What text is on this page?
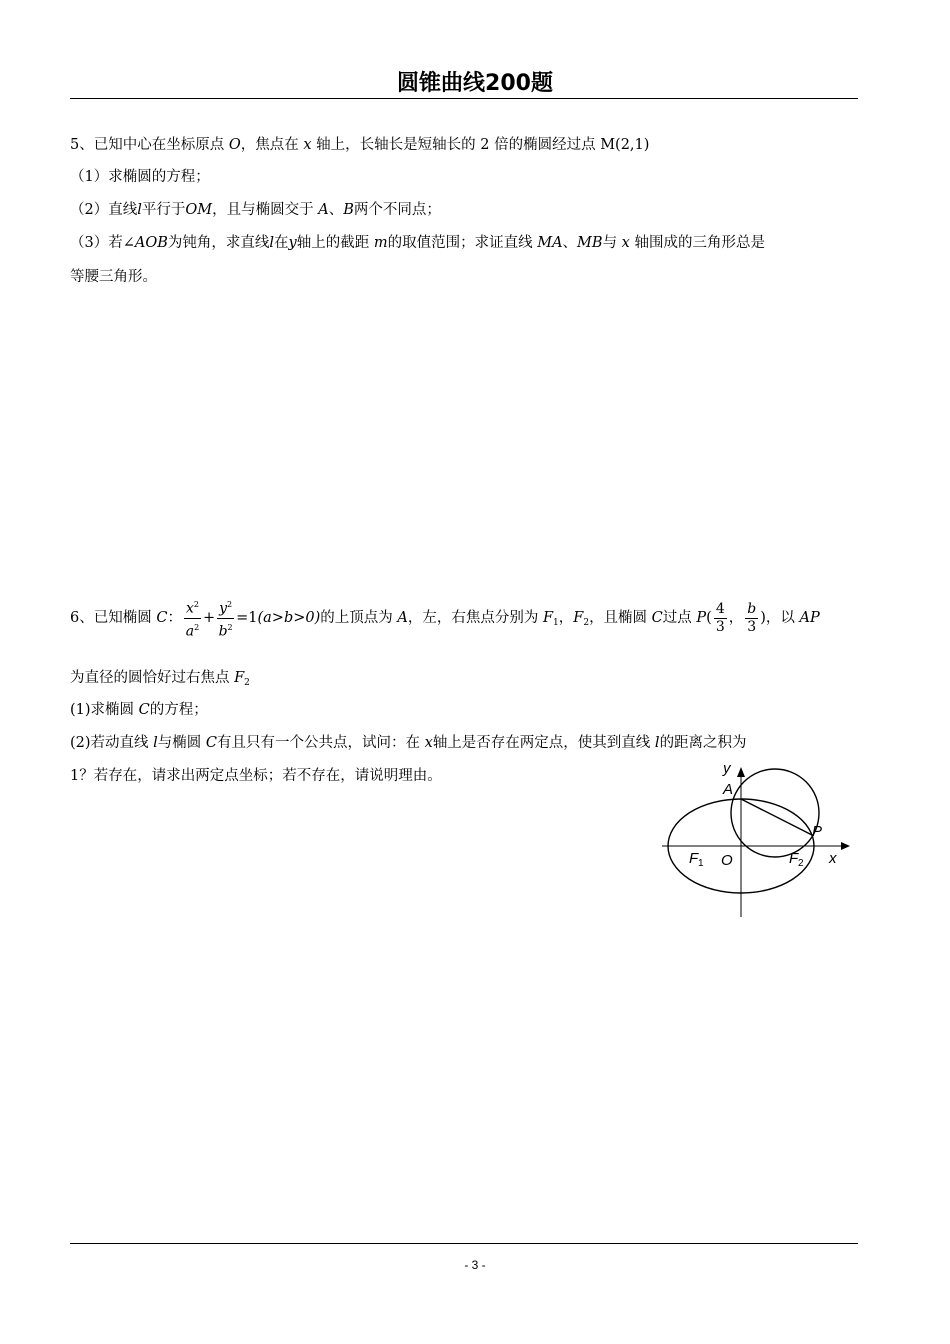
圆锥曲线200题
5、已知中心在坐标原点 O，焦点在 x 轴上，长轴长是短轴长的 2 倍的椭圆经过点 M(2,1)
（1）求椭圆的方程；
（2）直线l平行于OM，且与椭圆交于 A、B两个不同点；
（3）若∠AOB为钝角，求直线l在y轴上的截距 m的取值范围；求证直线 MA、MB与 x 轴围成的三角形总是
等腰三角形。
6、已知椭圆 C： $\frac{x^2}{a^2} + \frac{y^2}{b^2} =1(a>b>0)$的上顶点为 A，左，右焦点分别为 $F_1$，$F_2$，且椭圆 C过点 $P( \frac{4}{3}$ ， $\frac{b}{3}$ )，以 AP
为直径的圆恰好过右焦点 $F_2$
(1)求椭圆 C的方程；
(2)若动直线 l与椭圆 C有且只有一个公共点，试问：在 x轴上是否存在两定点，使其到直线 l的距离之积为
1？若存在，请求出两定点坐标；若不存在，请说明理由。	y
A
P
F 1 O	F 2 x
- 3 -
